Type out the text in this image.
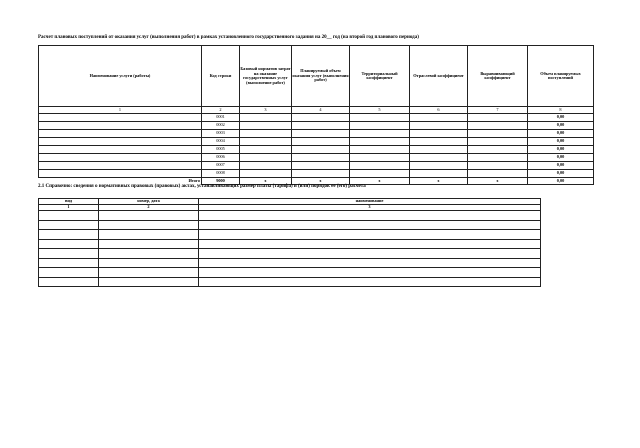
Расчет плановых поступлений от оказания услуг (выполнения работ) в рамках установленного государственного задания на 20__ год (на второй год планового периода)
Наименование услуги (работы)	Код строки	Базовый норматив затрат на оказание государственных услуг (выполнение работ)	Планируемый объем оказания услуг (выполнения работ)	Территориальный коэффициент	Отраслевой коэффициент	Выравнивающий коэффициент	Объем планируемых поступлений
1	2	3	4	5	6	7	8
	0001						0,00
	0002						0,00
	0003						0,00
	0004						0,00
	0005						0,00
	0006						0,00
	0007						0,00
	0008						0,00
Итого	9000	х	х	х	х	х	0,00
2.1 Справочно: сведения о нормативных правовых (правовых) актах, устанавливающих размер платы (тарифа) и (или) порядок ее (его) расчета
вид	номер, дата	наименование
1	2	3
